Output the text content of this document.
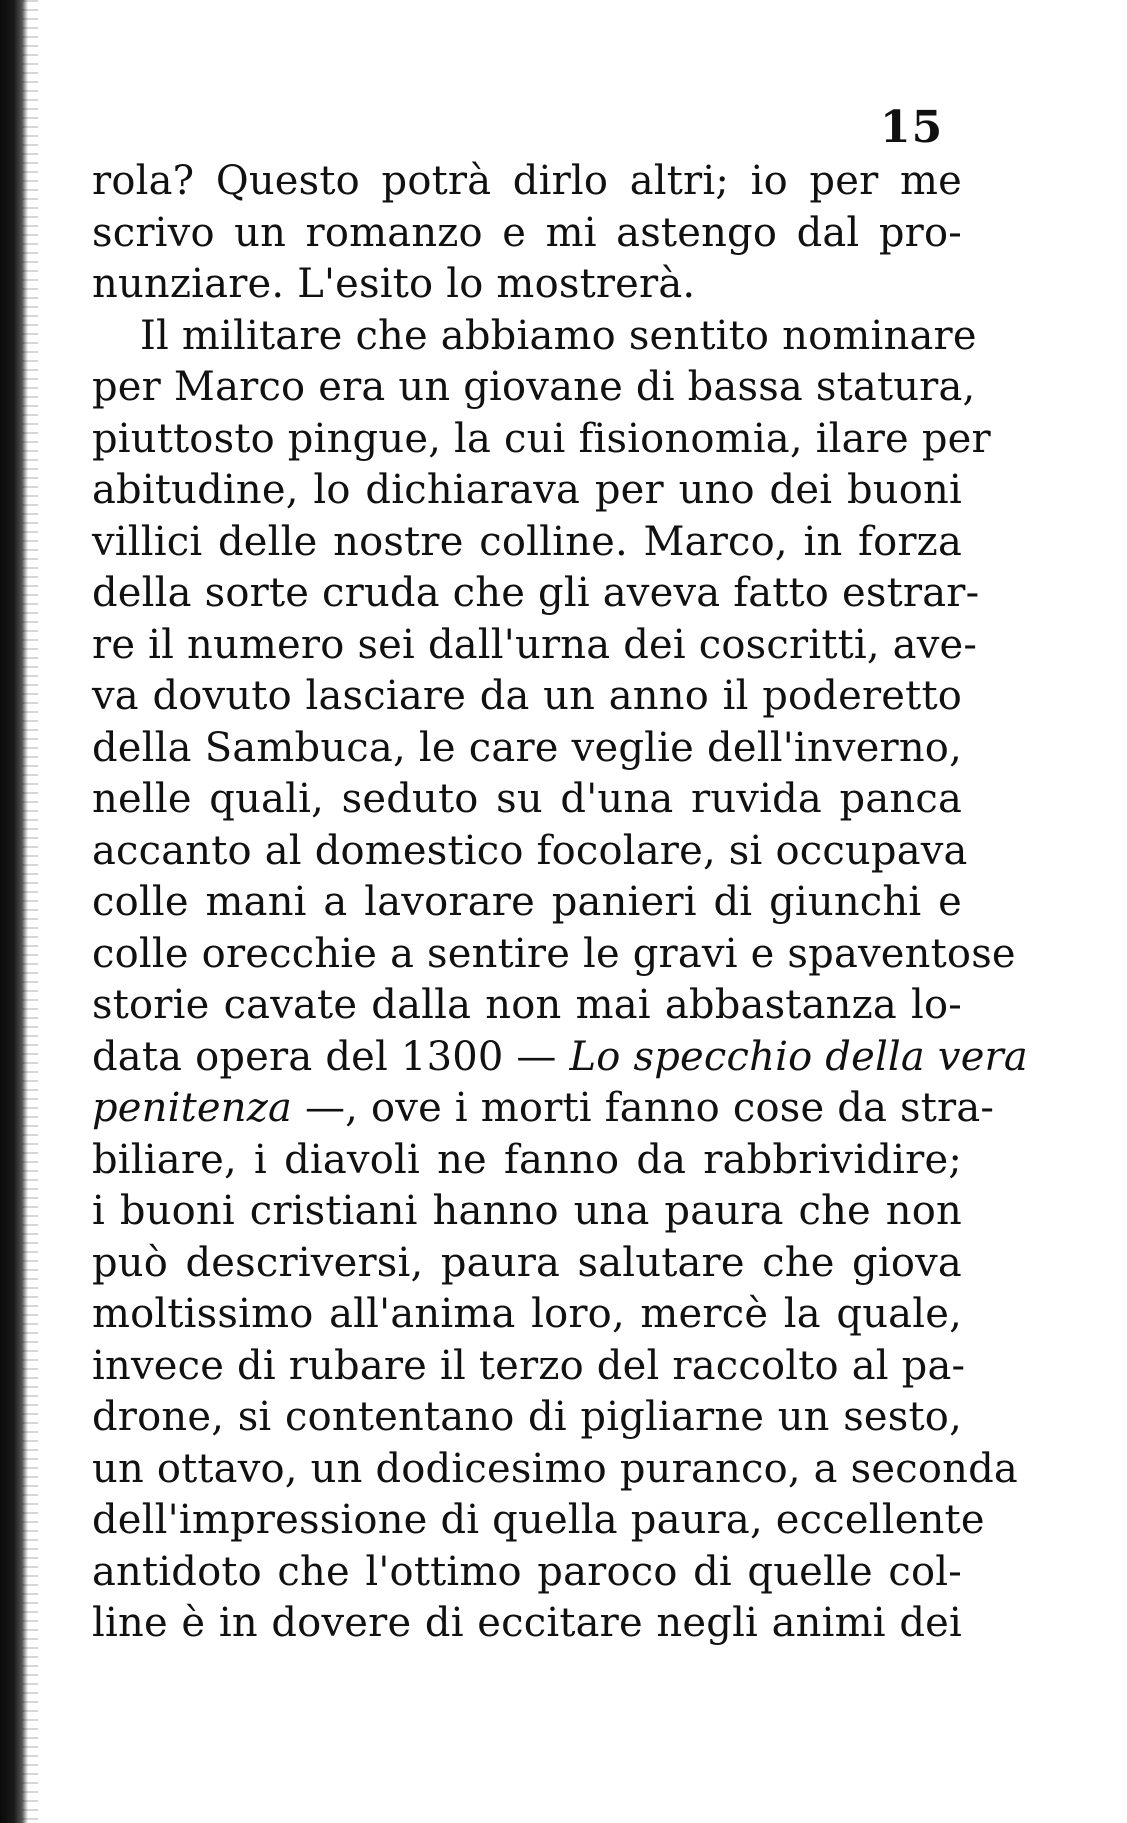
15
rola? Questo potrà dirlo altri; io per me
scrivo un romanzo e mi astengo dal pro-
nunziare. L'esito lo mostrerà.
Il militare che abbiamo sentito nominare
per Marco era un giovane di bassa statura,
piuttosto pingue, la cui fisionomia, ilare per
abitudine, lo dichiarava per uno dei buoni
villici delle nostre colline. Marco, in forza
della sorte cruda che gli aveva fatto estrar-
re il numero sei dall'urna dei coscritti, ave-
va dovuto lasciare da un anno il poderetto
della Sambuca, le care veglie dell'inverno,
nelle quali, seduto su d'una ruvida panca
accanto al domestico focolare, si occupava
colle mani a lavorare panieri di giunchi e
colle orecchie a sentire le gravi e spaventose
storie cavate dalla non mai abbastanza lo-
data opera del 1300 — Lo specchio della vera
penitenza —, ove i morti fanno cose da stra-
biliare, i diavoli ne fanno da rabbrividire;
i buoni cristiani hanno una paura che non
può descriversi, paura salutare che giova
moltissimo all'anima loro, mercè la quale,
invece di rubare il terzo del raccolto al pa-
drone, si contentano di pigliarne un sesto,
un ottavo, un dodicesimo puranco, a seconda
dell'impressione di quella paura, eccellente
antidoto che l'ottimo paroco di quelle col-
line è in dovere di eccitare negli animi dei
